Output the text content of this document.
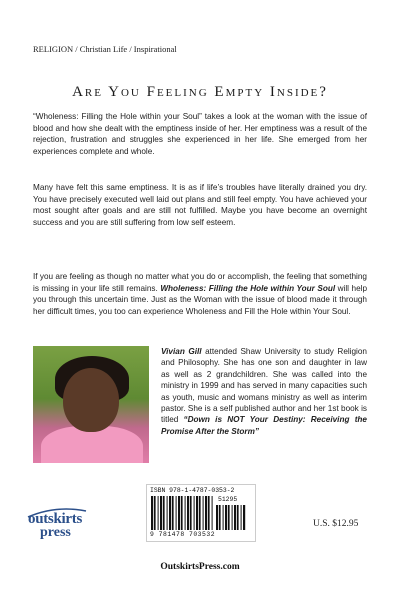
RELIGION / Christian Life / Inspirational
Are You Feeling Empty Inside?

“Wholeness: Filling the Hole within your Soul” takes a look at the woman with the issue of blood and how she dealt with the emptiness inside of her. Her emptiness was a result of the rejection, frustration and struggles she experienced in her life. She emerged from her experiences complete and whole.

Many have felt this same emptiness. It is as if life’s troubles have literally drained you dry. You have precisely executed well laid out plans and still feel empty. You have achieved your most sought after goals and are still not fulfilled. Maybe you have become an overnight success and you are still suffering from low self esteem.

If you are feeling as though no matter what you do or accomplish, the feeling that something is missing in your life still remains. Wholeness: Filling the Hole within Your Soul will help you through this uncertain time. Just as the Woman with the issue of blood made it through her difficult times, you too can experience Wholeness and Fill the Hole within Your Soul.

Vivian Gill attended Shaw University to study Religion and Philosophy. She has one son and daughter in law as well as 2 grandchildren. She was called into the ministry in 1999 and has served in many capacities such as youth, music and womans ministry as well as interim pastor. She is a self published author and her 1st book is titled “Down is NOT Your Destiny: Receiving the Promise After the Storm”

outskirts
press
ISBN 978-1-4787-0353-2
51295
9 781478 703532
U.S. $12.95
OutskirtsPress.com
